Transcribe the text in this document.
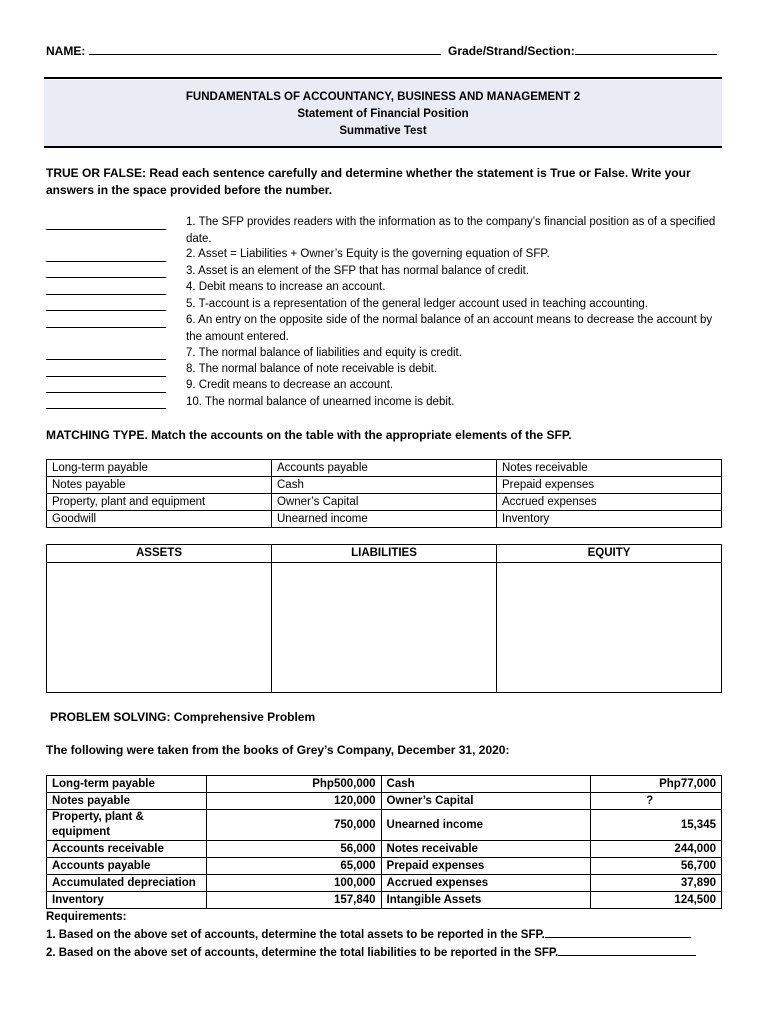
NAME:	Grade/Strand/Section:
FUNDAMENTALS OF ACCOUNTANCY, BUSINESS AND MANAGEMENT 2
Statement of Financial Position
Summative Test
TRUE OR FALSE: Read each sentence carefully and determine whether the statement is True or False. Write your answers in the space provided before the number.
1. The SFP provides readers with the information as to the company’s financial position as of a specified date.
2. Asset = Liabilities + Owner’s Equity is the governing equation of SFP.
3. Asset is an element of the SFP that has normal balance of credit.
4. Debit means to increase an account.
5. T-account is a representation of the general ledger account used in teaching accounting.
6. An entry on the opposite side of the normal balance of an account means to decrease the account by the amount entered.
7. The normal balance of liabilities and equity is credit.
8. The normal balance of note receivable is debit.
9. Credit means to decrease an account.
10. The normal balance of unearned income is debit.
MATCHING TYPE. Match the accounts on the table with the appropriate elements of the SFP.
Long-term payable	Accounts payable	Notes receivable
Notes payable	Cash	Prepaid expenses
Property, plant and equipment	Owner’s Capital	Accrued expenses
Goodwill	Unearned income	Inventory
ASSETS	LIABILITIES	EQUITY

PROBLEM SOLVING: Comprehensive Problem
The following were taken from the books of Grey’s Company, December 31, 2020:
Long-term payable	Php500,000	Cash	Php77,000
Notes payable	120,000	Owner’s Capital	?
Property, plant & equipment	750,000	Unearned income	15,345
Accounts receivable	56,000	Notes receivable	244,000
Accounts payable	65,000	Prepaid expenses	56,700
Accumulated depreciation	100,000	Accrued expenses	37,890
Inventory	157,840	Intangible Assets	124,500
Requirements:
1. Based on the above set of accounts, determine the total assets to be reported in the SFP.
2. Based on the above set of accounts, determine the total liabilities to be reported in the SFP.
